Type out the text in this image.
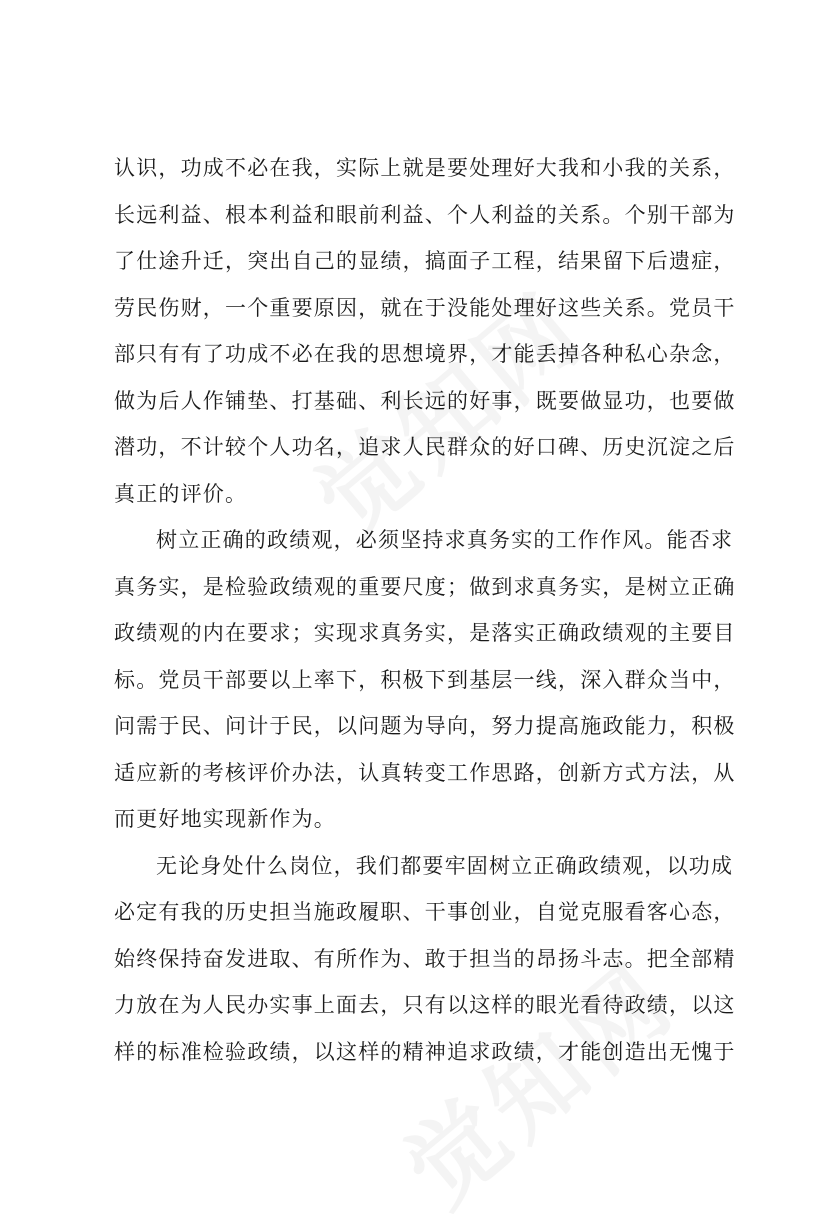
认识，功成不必在我，实际上就是要处理好大我和小我的关系，
长远利益、根本利益和眼前利益、个人利益的关系。个别干部为
了仕途升迁，突出自己的显绩，搞面子工程，结果留下后遗症，
劳民伤财，一个重要原因，就在于没能处理好这些关系。党员干
部只有有了功成不必在我的思想境界，才能丢掉各种私心杂念，
做为后人作铺垫、打基础、利长远的好事，既要做显功，也要做
潜功，不计较个人功名，追求人民群众的好口碑、历史沉淀之后
真正的评价。
树立正确的政绩观，必须坚持求真务实的工作作风。能否求
真务实，是检验政绩观的重要尺度；做到求真务实，是树立正确
政绩观的内在要求；实现求真务实，是落实正确政绩观的主要目
标。党员干部要以上率下，积极下到基层一线，深入群众当中，
问需于民、问计于民，以问题为导向，努力提高施政能力，积极
适应新的考核评价办法，认真转变工作思路，创新方式方法，从
而更好地实现新作为。
无论身处什么岗位，我们都要牢固树立正确政绩观，以功成
必定有我的历史担当施政履职、干事创业，自觉克服看客心态，
始终保持奋发进取、有所作为、敢于担当的昂扬斗志。把全部精
力放在为人民办实事上面去，只有以这样的眼光看待政绩，以这
样的标准检验政绩，以这样的精神追求政绩，才能创造出无愧于
